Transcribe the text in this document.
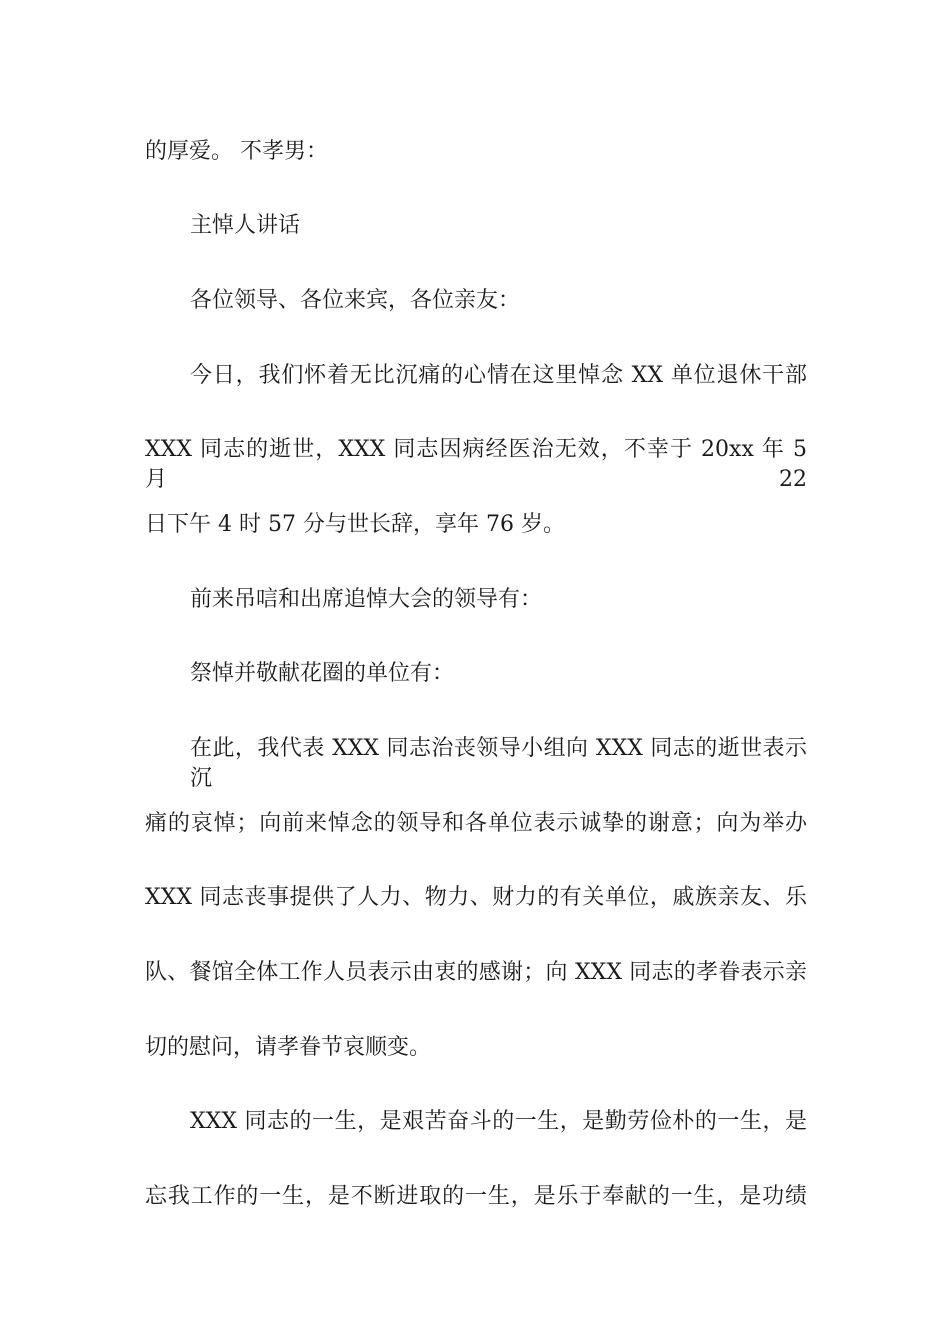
的厚爱。 不孝男：
主悼人讲话
各位领导、各位来宾，各位亲友：
今日，我们怀着无比沉痛的心情在这里悼念 XX 单位退休干部
XXX 同志的逝世，XXX 同志因病经医治无效，不幸于 20xx 年 5 月 22
日下午 4 时 57 分与世长辞，享年 76 岁。
前来吊唁和出席追悼大会的领导有：
祭悼并敬献花圈的单位有：
在此，我代表 XXX 同志治丧领导小组向 XXX 同志的逝世表示沉
痛的哀悼；向前来悼念的领导和各单位表示诚挚的谢意；向为举办
XXX 同志丧事提供了人力、物力、财力的有关单位，戚族亲友、乐
队、餐馆全体工作人员表示由衷的感谢；向 XXX 同志的孝眷表示亲
切的慰问，请孝眷节哀顺变。
XXX 同志的一生，是艰苦奋斗的一生，是勤劳俭朴的一生，是
忘我工作的一生，是不断进取的一生，是乐于奉献的一生，是功绩
